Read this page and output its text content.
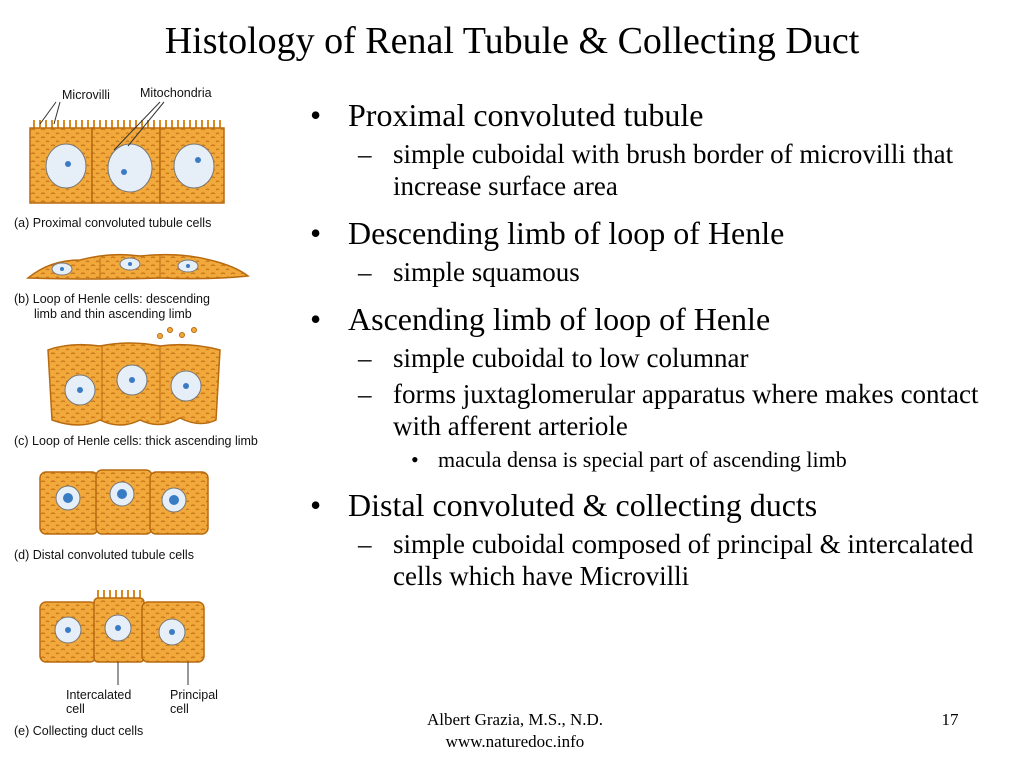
Histology of Renal Tubule & Collecting Duct
Microvilli Mitochondria
(a) Proximal convoluted tubule cells
(b) Loop of Henle cells: descending
limb and thin ascending limb
(c) Loop of Henle cells: thick ascending limb
(d) Distal convoluted tubule cells
Intercalated
cell
Principal
cell
(e) Collecting duct cells
• Proximal convoluted tubule
– simple cuboidal with brush border of microvilli that increase surface area
• Descending limb of loop of Henle
– simple squamous
• Ascending limb of loop of Henle
– simple cuboidal to low columnar
– forms juxtaglomerular apparatus where makes contact with afferent arteriole
• macula densa is special part of ascending limb
• Distal convoluted & collecting ducts
– simple cuboidal composed of principal & intercalated cells which have Microvilli
Albert Grazia, M.S., N.D.
www.naturedoc.info
17
